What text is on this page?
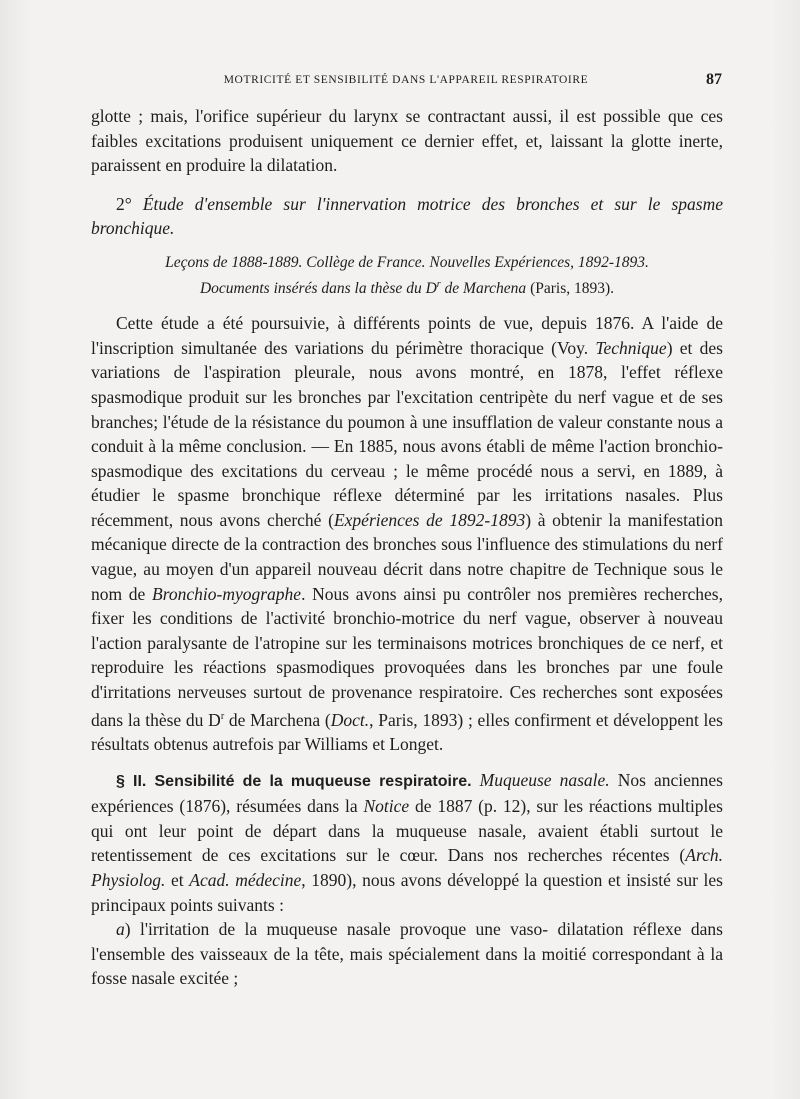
MOTRICITÉ ET SENSIBILITÉ DANS L'APPAREIL RESPIRATOIRE	87

glotte ; mais, l'orifice supérieur du larynx se contractant aussi, il est possible que ces faibles excitations produisent uniquement ce dernier effet, et, laissant la glotte inerte, paraissent en produire la dilatation.

2° Étude d'ensemble sur l'innervation motrice des bronches et sur le spasme bronchique.

Leçons de 1888-1889. Collège de France. Nouvelles Expériences, 1892-1893.

Documents insérés dans la thèse du $D^r$ de Marchena (Paris, 1893).

Cette étude a été poursuivie, à différents points de vue, depuis 1876. A l'aide de l'inscription simultanée des variations du périmètre thoracique (Voy. Technique) et des variations de l'aspiration pleurale, nous avons montré, en 1878, l'effet réflexe spasmodique produit sur les bronches par l'excitation centripète du nerf vague et de ses branches; l'étude de la résistance du poumon à une insufflation de valeur constante nous a conduit à la même conclusion. — En 1885, nous avons établi de même l'action bronchio-spasmodique des excitations du cerveau ; le même procédé nous a servi, en 1889, à étudier le spasme bronchique réflexe déterminé par les irritations nasales. Plus récemment, nous avons cherché (Expériences de 1892-1893) à obtenir la manifestation mécanique directe de la contraction des bronches sous l'influence des stimulations du nerf vague, au moyen d'un appareil nouveau décrit dans notre chapitre de Technique sous le nom de Bronchio-myographe. Nous avons ainsi pu contrôler nos premières recherches, fixer les conditions de l'activité bronchio-motrice du nerf vague, observer à nouveau l'action paralysante de l'atropine sur les terminaisons motrices bronchiques de ce nerf, et reproduire les réactions spasmodiques provoquées dans les bronches par une foule d'irritations nerveuses surtout de provenance respiratoire. Ces recherches sont exposées dans la thèse du $D^r$ de Marchena (Doct., Paris, 1893) ; elles confirment et développent les résultats obtenus autrefois par Williams et Longet.

§ II. Sensibilité de la muqueuse respiratoire. Muqueuse nasale. Nos anciennes expériences (1876), résumées dans la Notice de 1887 (p. 12), sur les réactions multiples qui ont leur point de départ dans la muqueuse nasale, avaient établi surtout le retentissement de ces excitations sur le cœur. Dans nos recherches récentes (Arch. Physiolog. et Acad. médecine, 1890), nous avons développé la question et insisté sur les principaux points suivants :

a) l'irritation de la muqueuse nasale provoque une vaso- dilatation réflexe dans l'ensemble des vaisseaux de la tête, mais spécialement dans la moitié correspondant à la fosse nasale excitée ;
